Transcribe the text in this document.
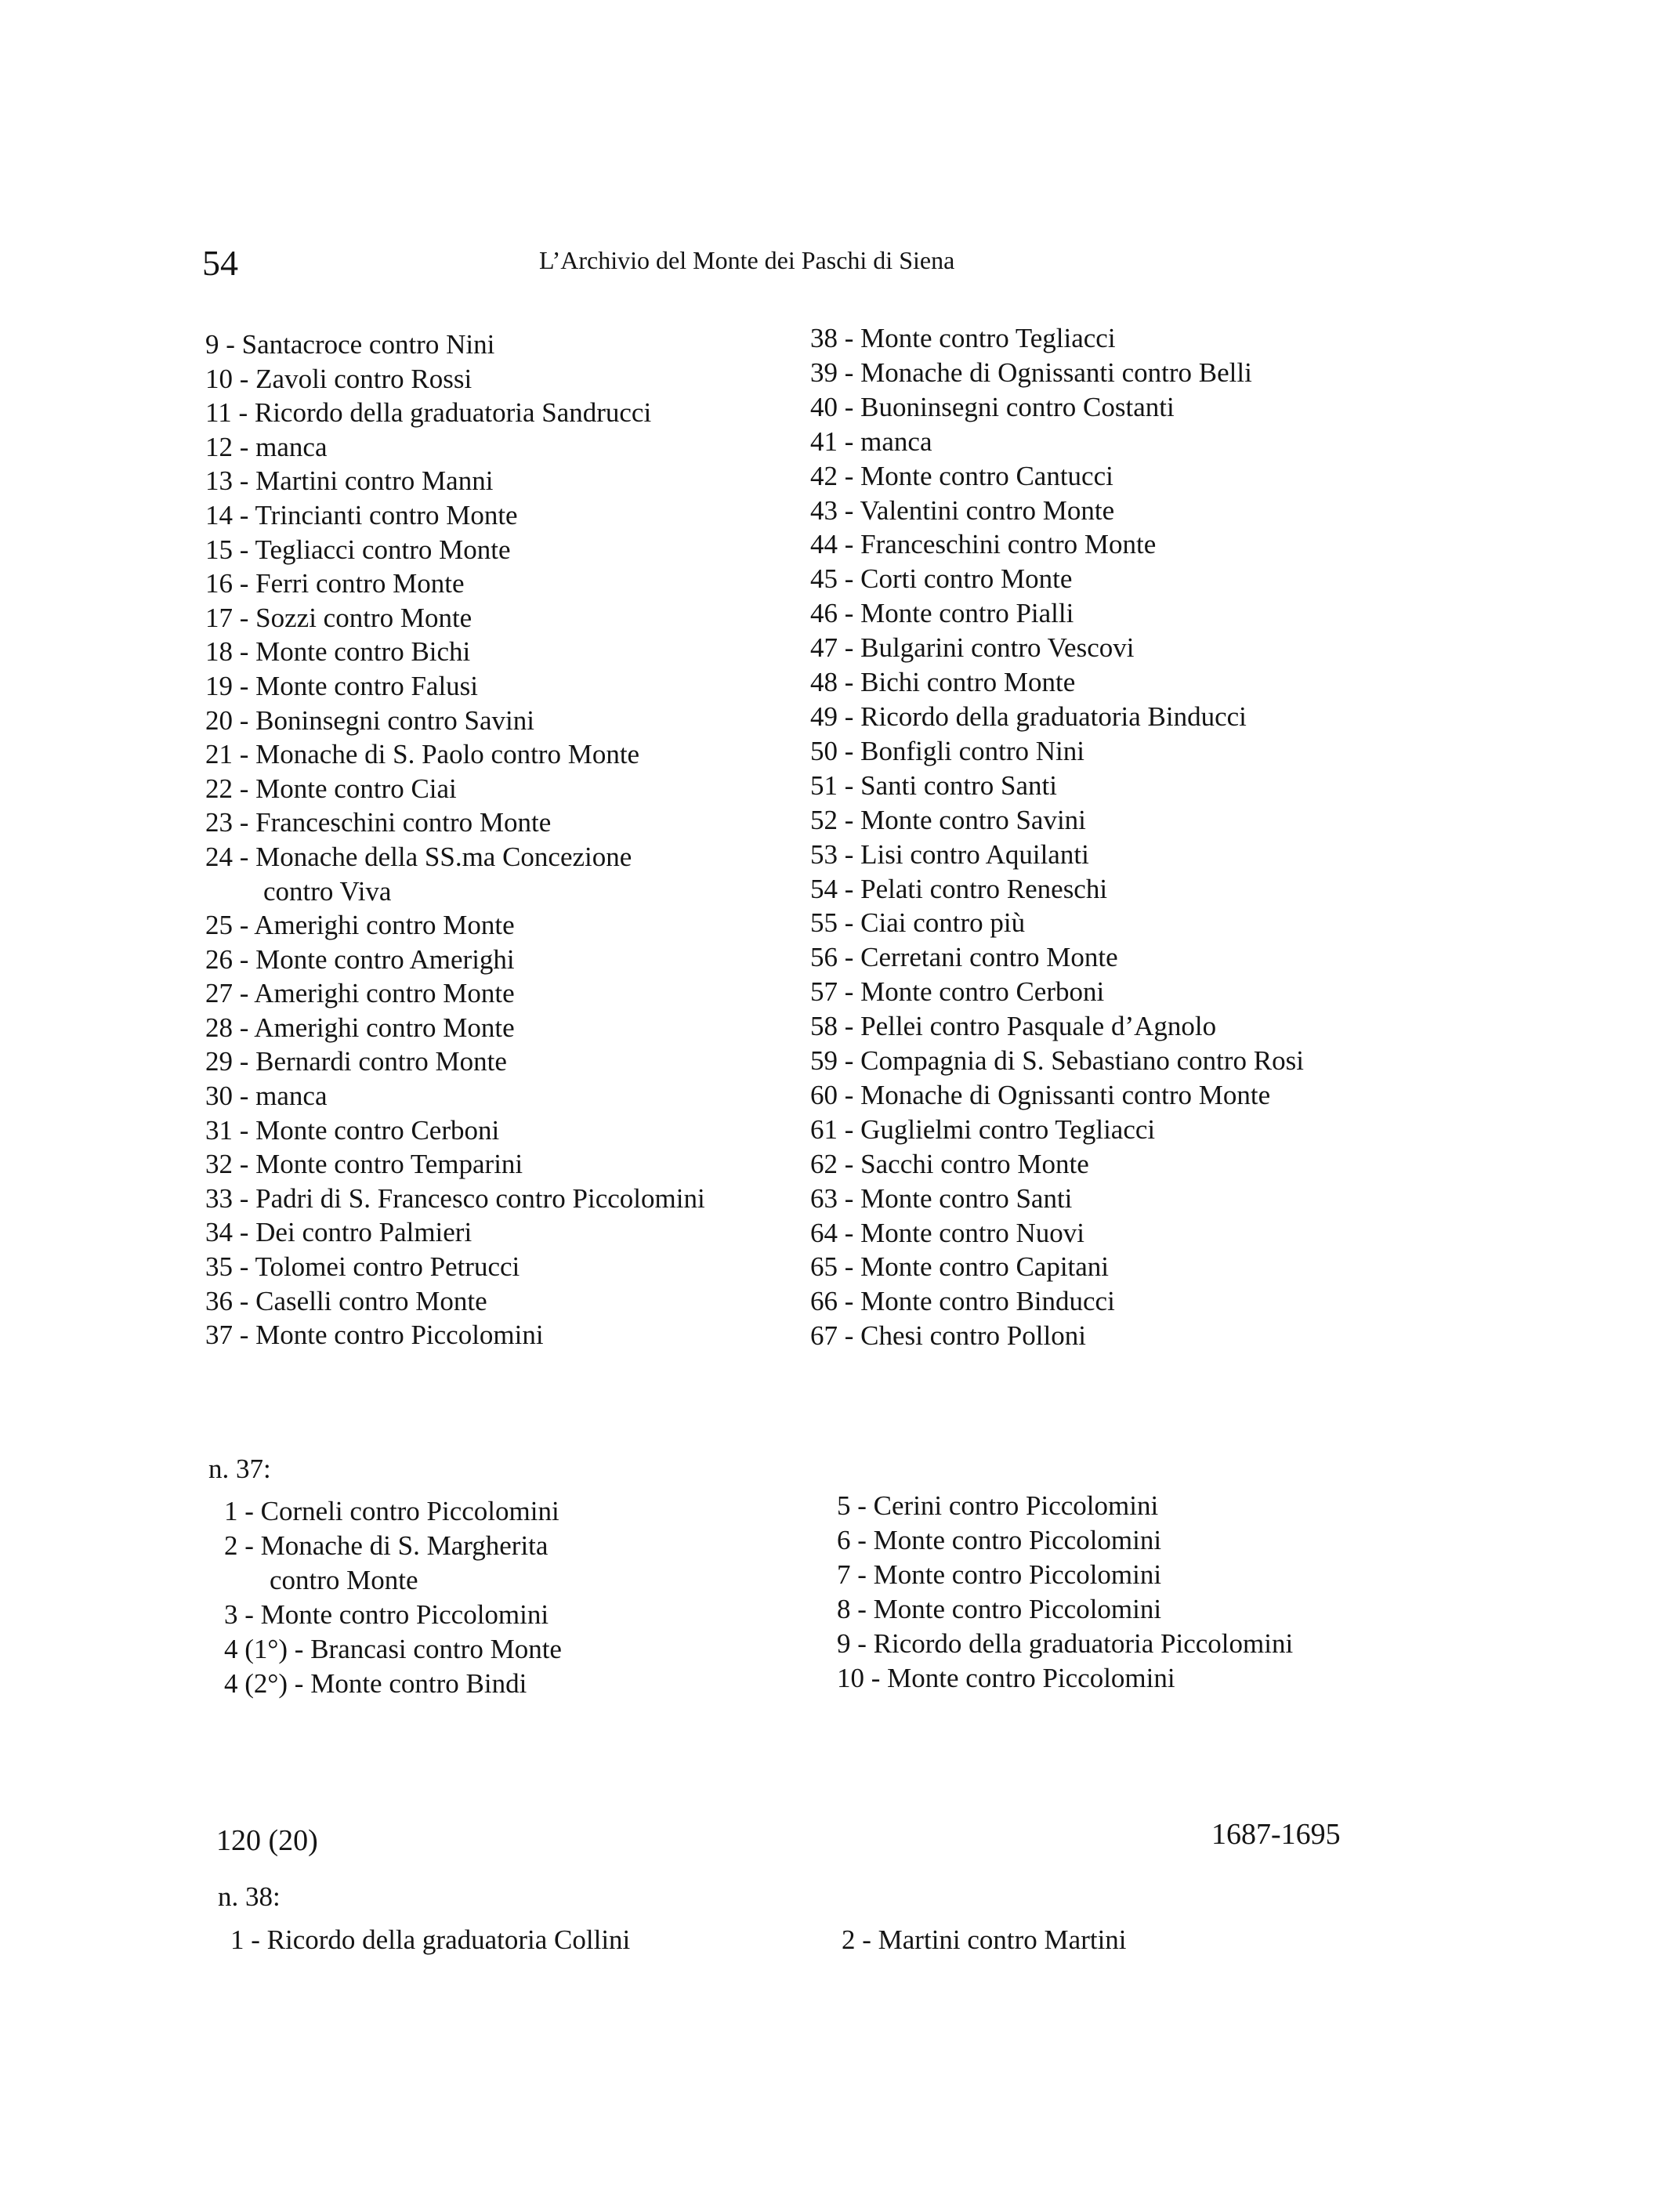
54	L’Archivio del Monte dei Paschi di Siena
9 - Santacroce contro Nini
10 - Zavoli contro Rossi
11 - Ricordo della graduatoria Sandrucci
12 - manca
13 - Martini contro Manni
14 - Trincianti contro Monte
15 - Tegliacci contro Monte
16 - Ferri contro Monte
17 - Sozzi contro Monte
18 - Monte contro Bichi
19 - Monte contro Falusi
20 - Boninsegni contro Savini
21 - Monache di S. Paolo contro Monte
22 - Monte contro Ciai
23 - Franceschini contro Monte
24 - Monache della SS.ma Concezione
contro Viva
25 - Amerighi contro Monte
26 - Monte contro Amerighi
27 - Amerighi contro Monte
28 - Amerighi contro Monte
29 - Bernardi contro Monte
30 - manca
31 - Monte contro Cerboni
32 - Monte contro Temparini
33 - Padri di S. Francesco contro Piccolomini
34 - Dei contro Palmieri
35 - Tolomei contro Petrucci
36 - Caselli contro Monte
37 - Monte contro Piccolomini
38 - Monte contro Tegliacci
39 - Monache di Ognissanti contro Belli
40 - Buoninsegni contro Costanti
41 - manca
42 - Monte contro Cantucci
43 - Valentini contro Monte
44 - Franceschini contro Monte
45 - Corti contro Monte
46 - Monte contro Pialli
47 - Bulgarini contro Vescovi
48 - Bichi contro Monte
49 - Ricordo della graduatoria Binducci
50 - Bonfigli contro Nini
51 - Santi contro Santi
52 - Monte contro Savini
53 - Lisi contro Aquilanti
54 - Pelati contro Reneschi
55 - Ciai contro più
56 - Cerretani contro Monte
57 - Monte contro Cerboni
58 - Pellei contro Pasquale d’Agnolo
59 - Compagnia di S. Sebastiano contro Rosi
60 - Monache di Ognissanti contro Monte
61 - Guglielmi contro Tegliacci
62 - Sacchi contro Monte
63 - Monte contro Santi
64 - Monte contro Nuovi
65 - Monte contro Capitani
66 - Monte contro Binducci
67 - Chesi contro Polloni
n. 37:
1 - Corneli contro Piccolomini
2 - Monache di S. Margherita
contro Monte
3 - Monte contro Piccolomini
4 (1°) - Brancasi contro Monte
4 (2°) - Monte contro Bindi
5 - Cerini contro Piccolomini
6 - Monte contro Piccolomini
7 - Monte contro Piccolomini
8 - Monte contro Piccolomini
9 - Ricordo della graduatoria Piccolomini
10 - Monte contro Piccolomini
120 (20)	1687-1695
n. 38:
1 - Ricordo della graduatoria Collini	2 - Martini contro Martini
